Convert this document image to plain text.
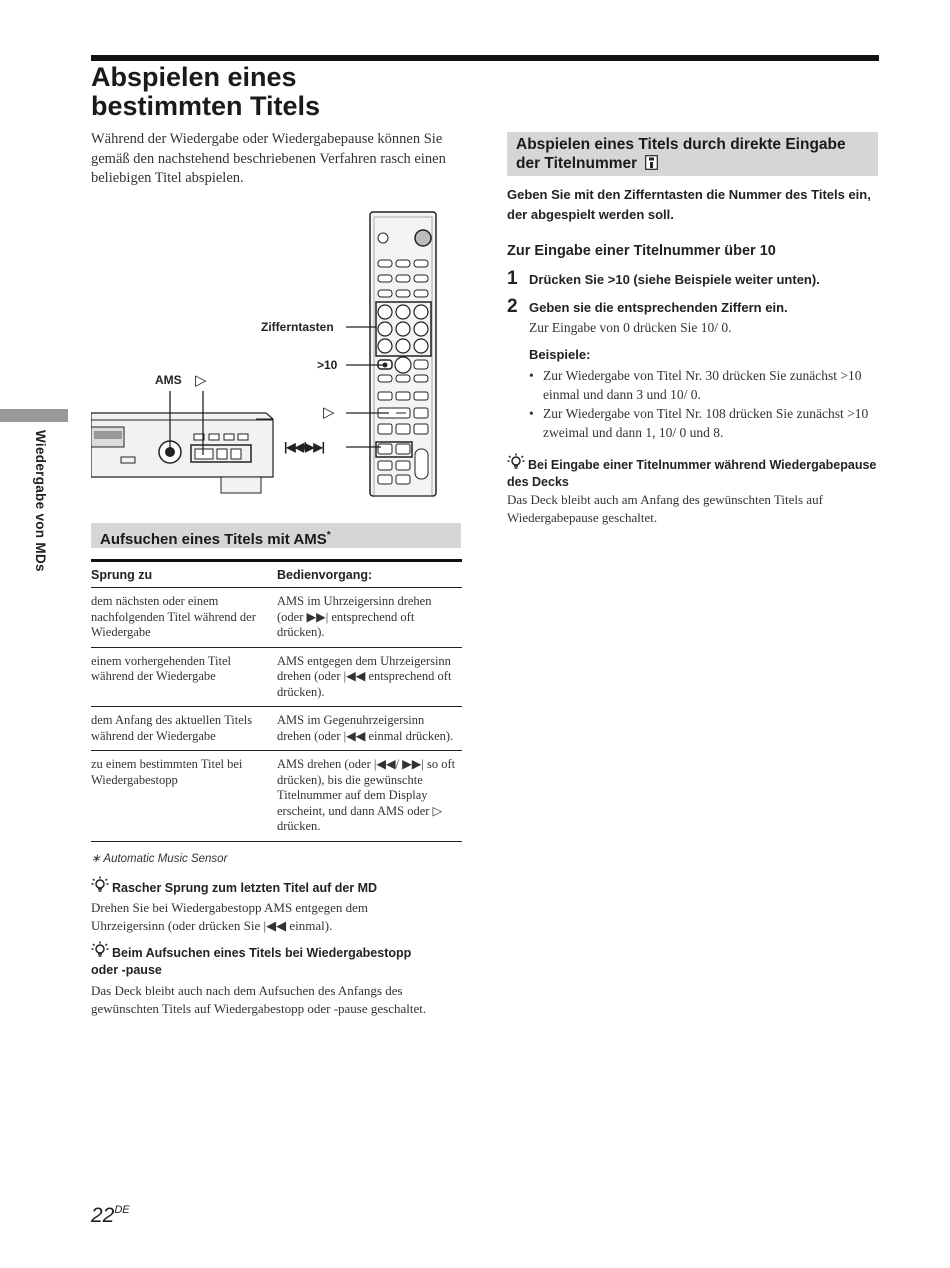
Abspielen eines
bestimmten Titels

Während der Wiedergabe oder Wiedergabepause können Sie gemäß den nachstehend beschriebenen Verfahren rasch einen beliebigen Titel abspielen.

Wiedergabe von MDs
Zifferntasten
>10
AMS ▷
▷
|◀◀/▶▶|
Aufsuchen eines Titels mit AMS*
Sprung zu	Bedienvorgang:
dem nächsten oder einem nachfolgenden Titel während der Wiedergabe	AMS im Uhrzeigersinn drehen (oder ▶▶| entsprechend oft drücken).
einem vorhergehenden Titel während der Wiedergabe	AMS entgegen dem Uhrzeigersinn drehen (oder |◀◀ entsprechend oft drücken).
dem Anfang des aktuellen Titels während der Wiedergabe	AMS im Gegenuhrzeigersinn drehen (oder |◀◀ einmal drücken).
zu einem bestimmten Titel bei Wiedergabestopp	AMS drehen (oder |◀◀/ ▶▶| so oft drücken), bis die gewünschte Titelnummer auf dem Display erscheint, und dann AMS oder ▷ drücken.
∗ Automatic Music Sensor
Rascher Sprung zum letzten Titel auf der MD
Drehen Sie bei Wiedergabestopp AMS entgegen dem Uhrzeigersinn (oder drücken Sie |◀◀ einmal).
Beim Aufsuchen eines Titels bei Wiedergabestopp oder -pause
Das Deck bleibt auch nach dem Aufsuchen des Anfangs des gewünschten Titels auf Wiedergabestopp oder -pause geschaltet.
Abspielen eines Titels durch direkte Eingabe der Titelnummer
Geben Sie mit den Zifferntasten die Nummer des Titels ein, der abgespielt werden soll.
Zur Eingabe einer Titelnummer über 10
1 Drücken Sie >10 (siehe Beispiele weiter unten).
2 Geben sie die entsprechenden Ziffern ein.
Zur Eingabe von 0 drücken Sie 10/ 0.
Beispiele:
• Zur Wiedergabe von Titel Nr. 30 drücken Sie zunächst >10 einmal und dann 3 und 10/ 0.
• Zur Wiedergabe von Titel Nr. 108 drücken Sie zunächst >10 zweimal und dann 1, 10/ 0 und 8.
Bei Eingabe einer Titelnummer während Wiedergabepause des Decks
Das Deck bleibt auch am Anfang des gewünschten Titels auf Wiedergabepause geschaltet.
22DE
